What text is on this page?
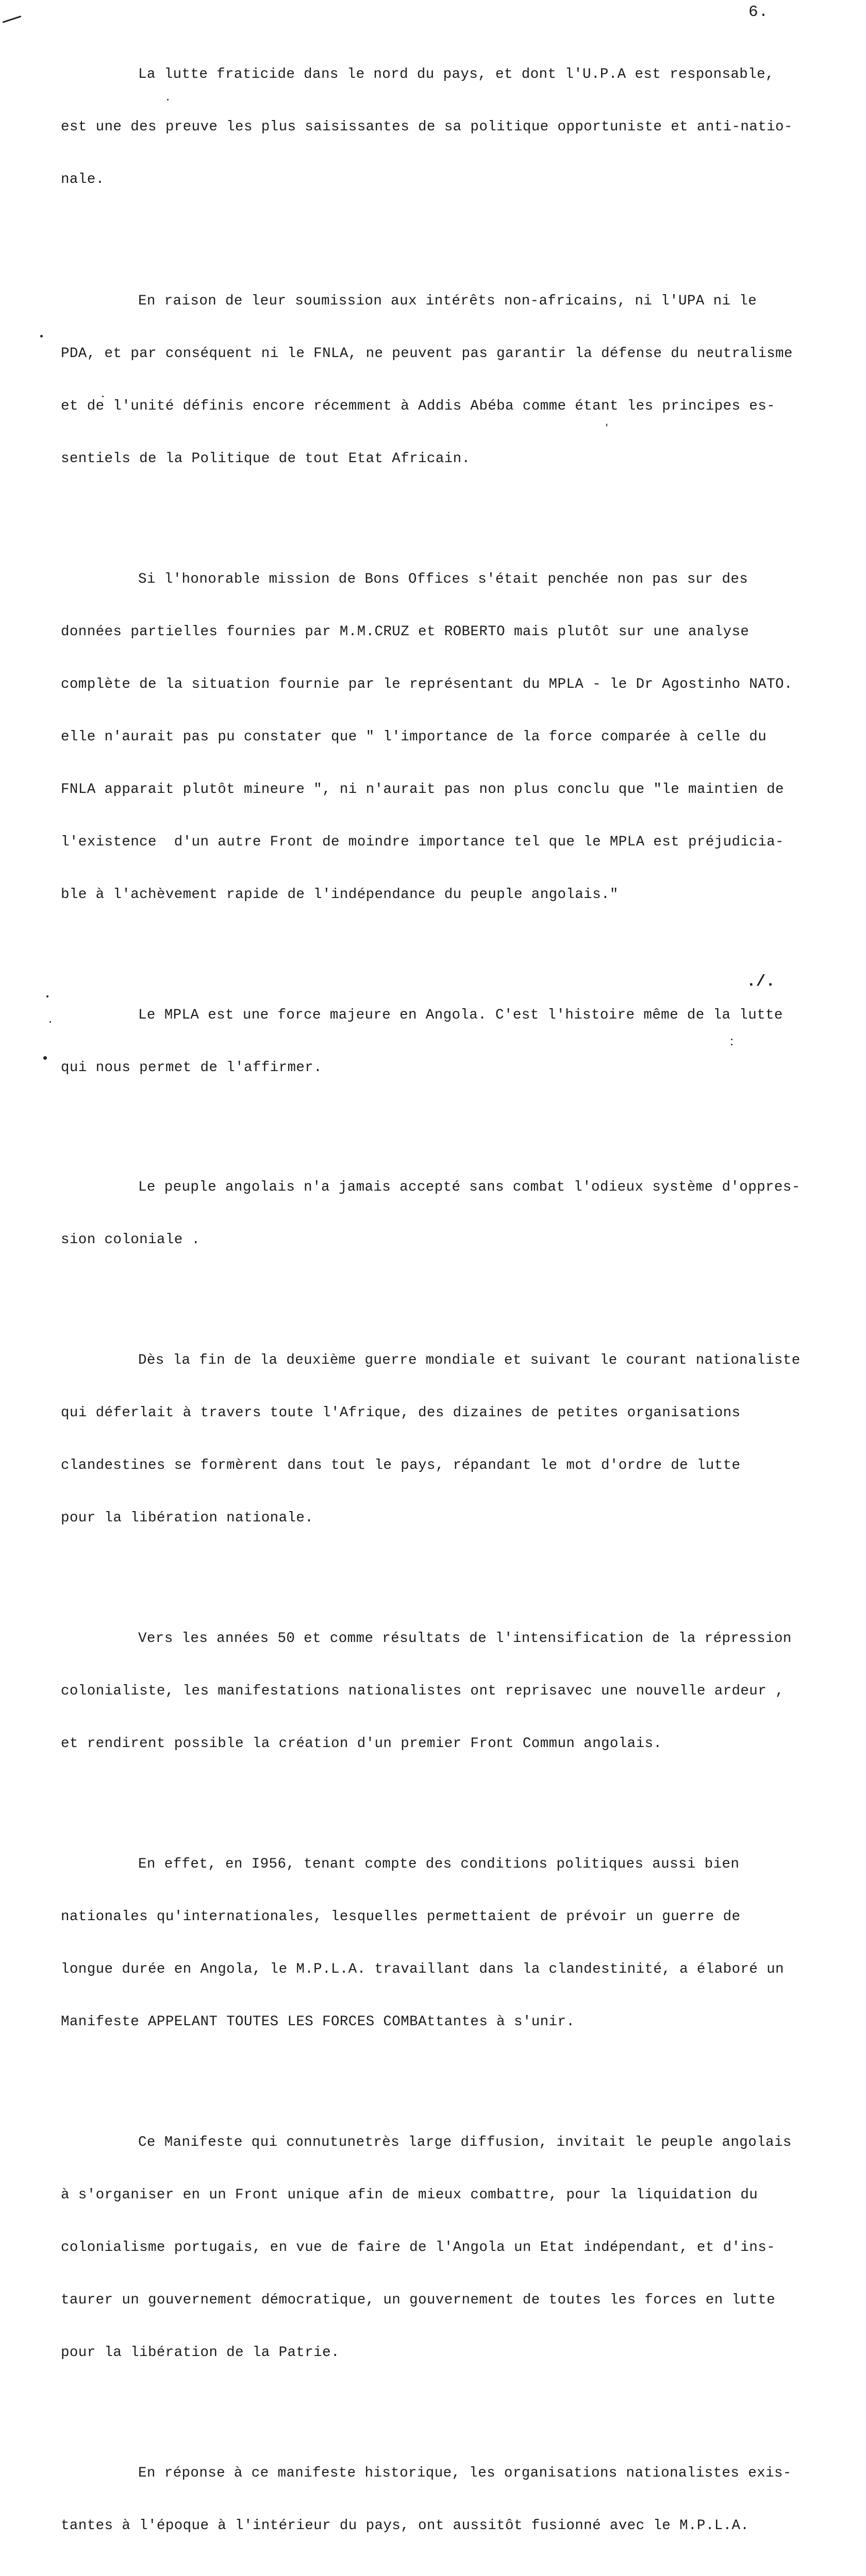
6.

La lutte fraticide dans le nord du pays, et dont l'U.P.A est responsable,

est une des preuve les plus saisissantes de sa politique opportuniste et anti-natio-

nale.

En raison de leur soumission aux intérêts non-africains, ni l'UPA ni le

PDA, et par conséquent ni le FNLA, ne peuvent pas garantir la défense du neutralisme

et de l'unité définis encore récemment à Addis Abéba comme étant les principes es-

sentiels de la Politique de tout Etat Africain.

Si l'honorable mission de Bons Offices s'était penchée non pas sur des

données partielles fournies par M.M.CRUZ et ROBERTO mais plutôt sur une analyse

complète de la situation fournie par le représentant du MPLA - le Dr Agostinho NATO.

elle n'aurait pas pu constater que " l'importance de la force comparée à celle du

FNLA apparait plutôt mineure ", ni n'aurait pas non plus conclu que "le maintien de

l'existence  d'un autre Front de moindre importance tel que le MPLA est préjudicia-

ble à l'achèvement rapide de l'indépendance du peuple angolais."

Le MPLA est une force majeure en Angola. C'est l'histoire même de la lutte

qui nous permet de l'affirmer.

Le peuple angolais n'a jamais accepté sans combat l'odieux système d'oppres-

sion coloniale .

Dès la fin de la deuxième guerre mondiale et suivant le courant nationaliste

qui déferlait à travers toute l'Afrique, des dizaines de petites organisations

clandestines se formèrent dans tout le pays, répandant le mot d'ordre de lutte

pour la libération nationale.

Vers les années 50 et comme résultats de l'intensification de la répression

colonialiste, les manifestations nationalistes ont reprisavec une nouvelle ardeur ,

et rendirent possible la création d'un premier Front Commun angolais.

En effet, en I956, tenant compte des conditions politiques aussi bien

nationales qu'internationales, lesquelles permettaient de prévoir un guerre de

longue durée en Angola, le M.P.L.A. travaillant dans la clandestinité, a élaboré un

Manifeste APPELANT TOUTES LES FORCES COMBAttantes à s'unir.

Ce Manifeste qui connutunetrès large diffusion, invitait le peuple angolais

à s'organiser en un Front unique afin de mieux combattre, pour la liquidation du

colonialisme portugais, en vue de faire de l'Angola un Etat indépendant, et d'ins-

taurer un gouvernement démocratique, un gouvernement de toutes les forces en lutte

pour la libération de la Patrie.

En réponse à ce manifeste historique, les organisations nationalistes exis-

tantes à l'époque à l'intérieur du pays, ont aussitôt fusionné avec le M.P.L.A.

./.
